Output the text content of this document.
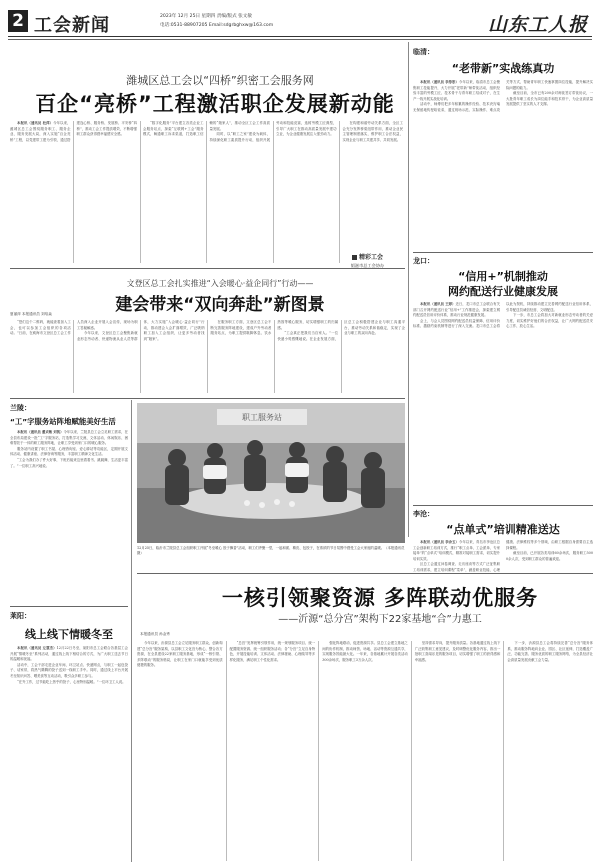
2 工会新闻	2023年 12月 25日 星期四 责编/版式 张文敏
电话:0531-88907205 Email:sdgrbghxw@163.com	山东工人报
潍城区总工会以“四桥”织密工会服务网
百企“亮桥”工程激活职企发展新动能

本报讯（通讯员 杜萍）今年以来，潍城区总工会围绕服务职工、服务企业、服务发展大局，深入实施“百企亮桥”工程，以党建带工建为引领，通过搭建连心桥、服务桥、发展桥、平安桥“四桥”，推动工会工作提质增效，不断增强职工群众获得感幸福感安全感。

“数字化服务”平台建立各类企业工会服务站点，探索“互联网+工会”服务模式，畅通职工诉求渠道，打造职工信赖的“娘家人”，推动全区工会工作高质量发展。

同时，以“职工之家”建设为载体，持续深化职工素质提升行动，组织开展劳动和技能竞赛，选树劳模工匠典型，引导广大职工在推动高质量发展中建功立业，为企业健康发展注入强劲动力。

在构建和谐劳动关系方面，全区工会充分发挥桥梁纽带作用，推动企业民主管理制度落实，维护职工合法权益，实现企业与职工共建共享、共同发展。

精彩工会
韬滋市总工会协办
文登区总工会扎实推进“入会暖心·益企同行”行动——
建会带来“双向奔赴”新图景
夏丽萍 本报通讯员 刘培焱

“您们这个二维码，就能查看加入工会，也可以参加工会组织的各项活动。”日前，在威海市文登区总工会工作人员深入企业开展入会宣传，现场为职工答疑解惑。

今年以来，文登区总工会聚焦新就业形态劳动者、快递物流从业人员等群体，大力实施“入会暖心·益企同行”行动，推动建会入会扩面增效，广泛吸纳职工加入工会组织，让更多劳动者找到“娘家”。

在服务职工方面，文登区总工会不断完善服务阵地建设，建成户外劳动者服务站点，为职工提供歇脚休息、饮水热饭等暖心服务，切实增强职工的归属感。

“工会真正把我们当自家人。”一位快递小哥感慨地说。在企业发展方面，区总工会积极搭建企业与职工沟通平台，推动劳动关系和谐稳定，实现了企业与职工的双向奔赴。

临清：
“老带新”实战练真功

本报讯（通讯员 李彤彤）今年以来，临清市总工会聚焦职工技能提升，大力开展“老带新”师带徒活动，组织经验丰富的劳模工匠、技术骨干与青年职工结成对子，在生产一线开展实战化培训。

活动中，师傅们把多年积累的操作经验、技术诀窍毫无保留地传授给徒弟，通过现场示范、实际操作、难点攻关等方式，帮助青年职工快速掌握岗位技能，提升解决实际问题的能力。

截至目前，全市已有200余对师徒签订带徒协议，一大批青年职工成长为岗位能手和技术骨干，为企业高质量发展提供了坚实的人才支撑。

龙口：
“信用+”机制推动
网约配送行业健康发展

本报讯（通讯员 王婷）近日，龙口市总工会联合有关部门召开网约配送行业“信用+”工作推进会，探索建立网约配送员信用评价体系，推动行业规范健康发展。

会上，与会人员围绕网约配送员权益保障、信用评价标准、激励约束机制等进行了深入交流。龙口市总工会将以此为契机，持续推动建立完善网约配送行业信用体系，引导配送员诚信经营、文明配送。

下一步，市总工会将加大对新就业形态劳动者的关爱力度，切实维护好他们的合法权益，让广大网约配送员安心工作、放心生活。

李沧：
“点单式”培训精准送达

本报讯（通讯员 李余玉）今年以来，青岛市李沧区总工会创新职工培训方式，推行“职工点单、工会派单、专家接单”的“点单式”培训模式，精准对接职工需求，切实提升培训实效。

区总工会通过问卷调查、走访座谈等方式广泛征集职工培训需求，建立培训课程“菜单”，涵盖职业技能、心理健康、法律维权等多个领域，由职工根据自身需要自主选择课程。

截至目前，已开展各类培训60余场次，服务职工5000余人次，受到职工群众的普遍欢迎。

兰陵：
“工”字服务站阵地赋能美好生活

本报讯（通讯员 董贞敏 刘凯）今年以来，兰陵县总工会立足职工需求，在全县布局建设一批“工”字服务站，打造集学习交流、文体活动、休闲娱乐、困难帮扶于一体的职工服务阵地，让职工享受到家门口的暖心服务。

服务站内设置了职工书屋、心理咨询室、爱心驿站等功能区，定期开展文体活动、健康讲座、法律咨询等服务，丰富职工精神文化生活。

“工会为我们办了件大好事，下班后能来这里看看书、跳跳舞，生活更丰富了。”一位职工高兴地说。

莱阳：
线上线下情暖冬至

本报讯（通讯员 左慧杰）12月22日冬至，莱阳市总工会联合各基层工会开展“情暖冬至”系列活动，通过线上线下相结合的方式，为广大职工送去节日的温暖和祝福。

活动中，工会干部走进企业车间、环卫站点、快递网点，与职工一起包饺子、话家常，将热气腾腾的饺子送到一线职工手中。同时，通过线上平台开展冬至知识问答、晒美食等互动活动，吸引众多职工参与。

“在外工作，过节能吃上热乎的饺子，心里特别温暖。”一位环卫工人说。

职工服务站
12月25日，临沂市兰陵县总工会组织职工开展“冬至暖心 饺子飘香”活动，职工们齐聚一堂，一起和面、擀皮、包饺子，在浓浓的节日氛围中感受工会大家庭的温暖。（本报通讯员 摄）
一核引领聚资源 多阵联动优服务
——沂源“总分宫”架构下22家基地“合”力惠工
本报通讯员 孙金秀

今年以来，沂源县总工会立足服务职工群众，创新构建“总分宫”服务架构，以县职工文化宫为核心，整合各方资源，在全县建设22家职工服务基地，形成“一核引领、多阵联动”的服务格局，让职工在家门口就能享受到优质便捷的服务。

“总宫”发挥统筹引领作用，统一规划服务项目、统一配置服务资源、统一组织服务活动；各“分宫”立足自身特色，开展技能培训、文体活动、法律援助、心理疏导等多样化服务，满足职工个性化需求。

强化阵地联动，促进资源共享。县总工会建立基地之间的协作机制，推动师资、场地、活动等资源互通共享，实现服务效能最大化。一年来，各基地累计开展各类活动300余场次，服务职工3万余人次。

坚持需求导向，提升服务质量。各基地通过线上线下广泛收集职工意见建议，及时调整优化服务内容，推出一批职工喜闻乐见的服务项目，切实增强了职工的获得感和幸福感。

下一步，沂源县总工会将持续完善“总分宫”服务体系，推动服务阵地向企业、园区、社区延伸，打造覆盖广泛、功能完善、服务优质的职工服务网络，为全县经济社会高质量发展贡献工会力量。
